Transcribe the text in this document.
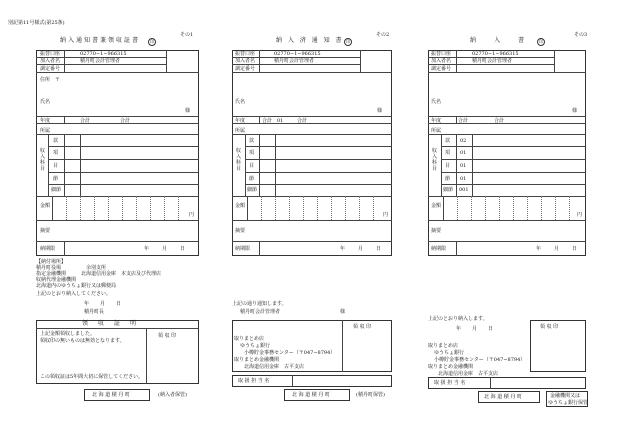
別記第11号様式(第25条)
その1
納入通知書兼領収証書	印
振替口座	02770−1−966315
加入者名	積丹町会計管理者
調定番号
住所　〒
氏名
様
年度	合計	合計
所属
収入科目
款
項
目
節
細節
金額
円
摘要
納期限	年	月	日
【納付場所】
積丹町役場　　　　　余別支所
指定金融機関　　　北海道信用金庫　本支店及び代理店
収納代理金融機関
北海道内のゆうちょ銀行又は郵便局
上記のとおり納入してください。
年 月 日
積丹町長
領　収　証　明
上記金額領収しました。
領収印の無いものは無効となります。
領 収 印
この領収証は5年間大切に保管してください。
北 海 道 積 丹 町	(納入者保管)
その2
納 入 済 通 知 書 印
振替口座	02770−1−966315
加入者名	積丹町会計管理者
調定番号
氏名
様
年度	合計 01	合計
所属
収入科目
款
項
目
節
細節
金額
円
摘要
納期限	年	月	日
上記の通り通知します。
積丹町会計管理者	様
領 収 印
取りまとめ店
ゆうちょ銀行
小樽貯金事務センター（〒047−8794）
取りまとめ金融機関
北海道信用金庫　古平支店
取 扱 担 当 名
北 海 道 積 丹 町	(積丹町保管)
その3
納　　入　　書	印
振替口座	02770−1−966315
加入者名	積丹町会計管理者
調定番号
氏名
様
年度	合計	合計
所属
収入科目
款 02
項 01
目 01
節 01
細節 001
金額
円
摘要
納期限	年	月	日
上記のとおり納入します。
年 月 日	領 収 印
取りまとめ店
ゆうちょ銀行
小樽貯金事務センター（〒047−8794）
取りまとめ金融機関
北海道信用金庫　古平支店
取 扱 担 当 名
北 海 道 積 丹 町	金融機関又は
ゆうちょ銀行保管
